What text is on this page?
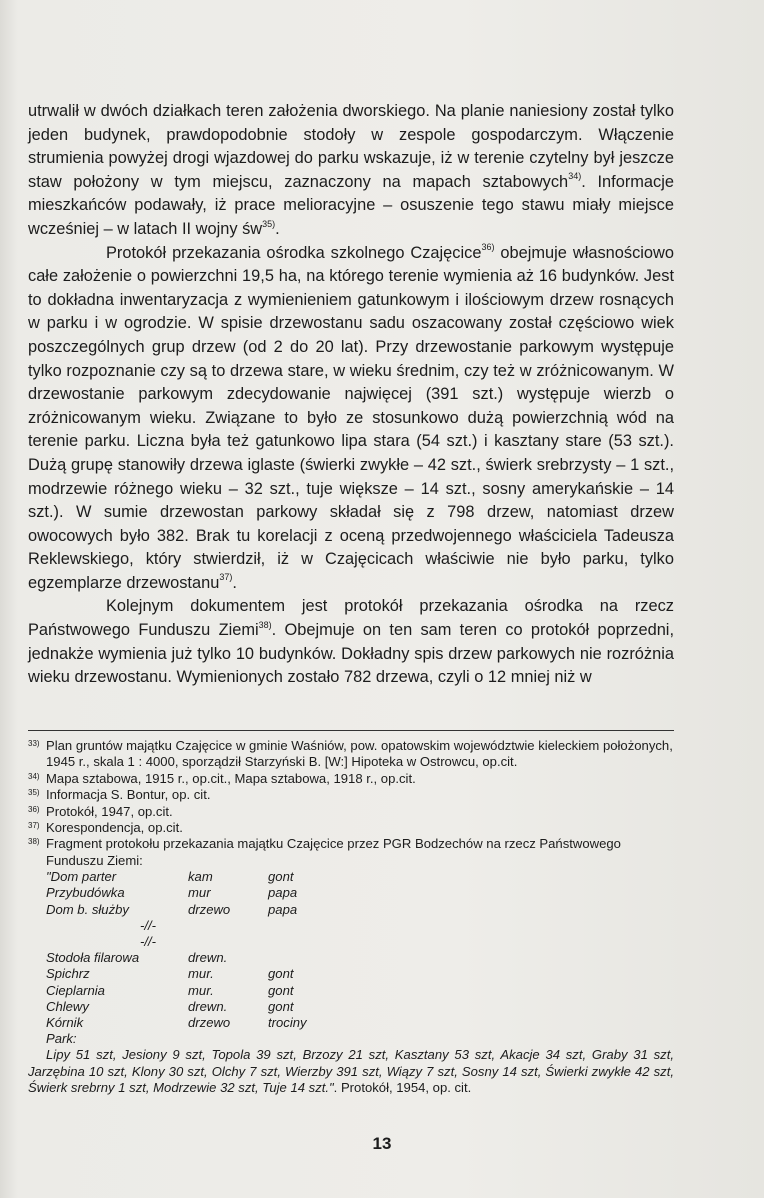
utrwalił w dwóch działkach teren założenia dworskiego. Na planie naniesiony został tylko jeden budynek, prawdopodobnie stodoły w zespole gospodarczym. Włączenie strumienia powyżej drogi wjazdowej do parku wskazuje, iż w terenie czytelny był jeszcze staw położony w tym miejscu, zaznaczony na mapach sztabowych$^{34)}$. Informacje mieszkańców podawały, iż prace melioracyjne – osuszenie tego stawu miały miejsce wcześniej – w latach II wojny $św^{35)}$.

Protokół przekazania ośrodka szkolnego Czajęcice$^{36)}$ obejmuje własnościowo całe założenie o powierzchni 19,5 ha, na którego terenie wymienia aż 16 budynków. Jest to dokładna inwentaryzacja z wymienieniem gatunkowym i ilościowym drzew rosnących w parku i w ogrodzie. W spisie drzewostanu sadu oszacowany został częściowo wiek poszczególnych grup drzew (od 2 do 20 lat). Przy drzewostanie parkowym występuje tylko rozpoznanie czy są to drzewa stare, w wieku średnim, czy też w zróżnicowanym. W drzewostanie parkowym zdecydowanie najwięcej (391 szt.) występuje wierzb o zróżnicowanym wieku. Związane to było ze stosunkowo dużą powierzchnią wód na terenie parku. Liczna była też gatunkowo lipa stara (54 szt.) i kasztany stare (53 szt.). Dużą grupę stanowiły drzewa iglaste (świerki zwykłe – 42 szt., świerk srebrzysty – 1 szt., modrzewie różnego wieku – 32 szt., tuje większe – 14 szt., sosny amerykańskie – 14 szt.). W sumie drzewostan parkowy składał się z 798 drzew, natomiast drzew owocowych było 382. Brak tu korelacji z oceną przedwojennego właściciela Tadeusza Reklewskiego, który stwierdził, iż w Czajęcicach właściwie nie było parku, tylko egzemplarze drzewostanu$^{37)}$.

Kolejnym dokumentem jest protokół przekazania ośrodka na rzecz Państwowego Funduszu Ziemi$^{38)}$. Obejmuje on ten sam teren co protokół poprzedni, jednakże wymienia już tylko 10 budynków. Dokładny spis drzew parkowych nie rozróżnia wieku drzewostanu. Wymienionych zostało 782 drzewa, czyli o 12 mniej niż w

33) Plan gruntów majątku Czajęcice w gminie Waśniów, pow. opatowskim województwie kieleckiem położonych, 1945 r., skala 1 : 4000, sporządził Starzyński B. [W:] Hipoteka w Ostrowcu, op.cit.
34) Mapa sztabowa, 1915 r., op.cit., Mapa sztabowa, 1918 r., op.cit.
35) Informacja S. Bontur, op. cit.
36) Protokół, 1947, op.cit.
37) Korespondencja, op.cit.
38) Fragment protokołu przekazania majątku Czajęcice przez PGR Bodzechów na rzecz Państwowego Funduszu Ziemi:
"Dom parter	kam	gont
Przybudówka	mur	papa
Dom b. służby	drzewo	papa
-//-
-//-
Stodoła filarowa	drewn.
Spichrz	mur.	gont
Cieplarnia	mur.	gont
Chlewy	drewn.	gont
Kórnik	drzewo	trociny
Park:
Lipy 51 szt, Jesiony 9 szt, Topola 39 szt, Brzozy 21 szt, Kasztany 53 szt, Akacje 34 szt, Graby 31 szt, Jarzębina 10 szt, Klony 30 szt, Olchy 7 szt, Wierzby 391 szt, Wiązy 7 szt, Sosny 14 szt, Świerki zwykłe 42 szt, Świerk srebrny 1 szt, Modrzewie 32 szt, Tuje 14 szt.". Protokół, 1954, op. cit.
13
